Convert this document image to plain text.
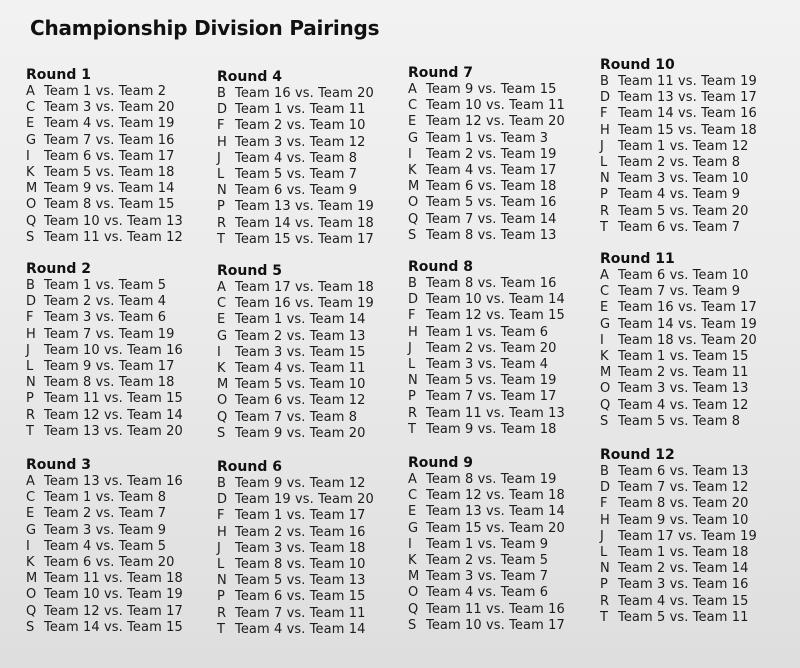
Championship Division Pairings
Round 1
A Team 1 vs. Team 2
C Team 3 vs. Team 20
E Team 4 vs. Team 19
G Team 7 vs. Team 16
I	Team 6 vs. Team 17
K Team 5 vs. Team 18
M Team 9 vs. Team 14
O Team 8 vs. Team 15
Q Team 10 vs. Team 13
S Team 11 vs. Team 12
Round 2
B Team 1 vs. Team 5
D Team 2 vs. Team 4
F Team 3 vs. Team 6
H Team 7 vs. Team 19
J	Team 10 vs. Team 16
L Team 9 vs. Team 17
N Team 8 vs. Team 18
P Team 11 vs. Team 15
R Team 12 vs. Team 14
T Team 13 vs. Team 20
Round 3
A Team 13 vs. Team 16
C Team 1 vs. Team 8
E Team 2 vs. Team 7
G Team 3 vs. Team 9
I	Team 4 vs. Team 5
K Team 6 vs. Team 20
M Team 11 vs. Team 18
O Team 10 vs. Team 19
Q Team 12 vs. Team 17
S Team 14 vs. Team 15
Round 4
B Team 16 vs. Team 20
D Team 1 vs. Team 11
F Team 2 vs. Team 10
H Team 3 vs. Team 12
J	Team 4 vs. Team 8
L Team 5 vs. Team 7
N Team 6 vs. Team 9
P Team 13 vs. Team 19
R Team 14 vs. Team 18
T Team 15 vs. Team 17
Round 5
A Team 17 vs. Team 18
C Team 16 vs. Team 19
E Team 1 vs. Team 14
G Team 2 vs. Team 13
I	Team 3 vs. Team 15
K Team 4 vs. Team 11
M Team 5 vs. Team 10
O Team 6 vs. Team 12
Q Team 7 vs. Team 8
S Team 9 vs. Team 20
Round 6
B Team 9 vs. Team 12
D Team 19 vs. Team 20
F Team 1 vs. Team 17
H Team 2 vs. Team 16
J	Team 3 vs. Team 18
L Team 8 vs. Team 10
N Team 5 vs. Team 13
P Team 6 vs. Team 15
R Team 7 vs. Team 11
T Team 4 vs. Team 14
Round 7
A Team 9 vs. Team 15
C Team 10 vs. Team 11
E Team 12 vs. Team 20
G Team 1 vs. Team 3
I	Team 2 vs. Team 19
K Team 4 vs. Team 17
M Team 6 vs. Team 18
O Team 5 vs. Team 16
Q Team 7 vs. Team 14
S Team 8 vs. Team 13
Round 8
B Team 8 vs. Team 16
D Team 10 vs. Team 14
F Team 12 vs. Team 15
H Team 1 vs. Team 6
J	Team 2 vs. Team 20
L Team 3 vs. Team 4
N Team 5 vs. Team 19
P Team 7 vs. Team 17
R Team 11 vs. Team 13
T Team 9 vs. Team 18
Round 9
A Team 8 vs. Team 19
C Team 12 vs. Team 18
E Team 13 vs. Team 14
G Team 15 vs. Team 20
I	Team 1 vs. Team 9
K Team 2 vs. Team 5
M Team 3 vs. Team 7
O Team 4 vs. Team 6
Q Team 11 vs. Team 16
S Team 10 vs. Team 17
Round 10
B Team 11 vs. Team 19
D Team 13 vs. Team 17
F Team 14 vs. Team 16
H Team 15 vs. Team 18
J	Team 1 vs. Team 12
L Team 2 vs. Team 8
N Team 3 vs. Team 10
P Team 4 vs. Team 9
R Team 5 vs. Team 20
T Team 6 vs. Team 7
Round 11
A Team 6 vs. Team 10
C Team 7 vs. Team 9
E Team 16 vs. Team 17
G Team 14 vs. Team 19
I	Team 18 vs. Team 20
K Team 1 vs. Team 15
M Team 2 vs. Team 11
O Team 3 vs. Team 13
Q Team 4 vs. Team 12
S Team 5 vs. Team 8
Round 12
B Team 6 vs. Team 13
D Team 7 vs. Team 12
F Team 8 vs. Team 20
H Team 9 vs. Team 10
J	Team 17 vs. Team 19
L Team 1 vs. Team 18
N Team 2 vs. Team 14
P Team 3 vs. Team 16
R Team 4 vs. Team 15
T Team 5 vs. Team 11
